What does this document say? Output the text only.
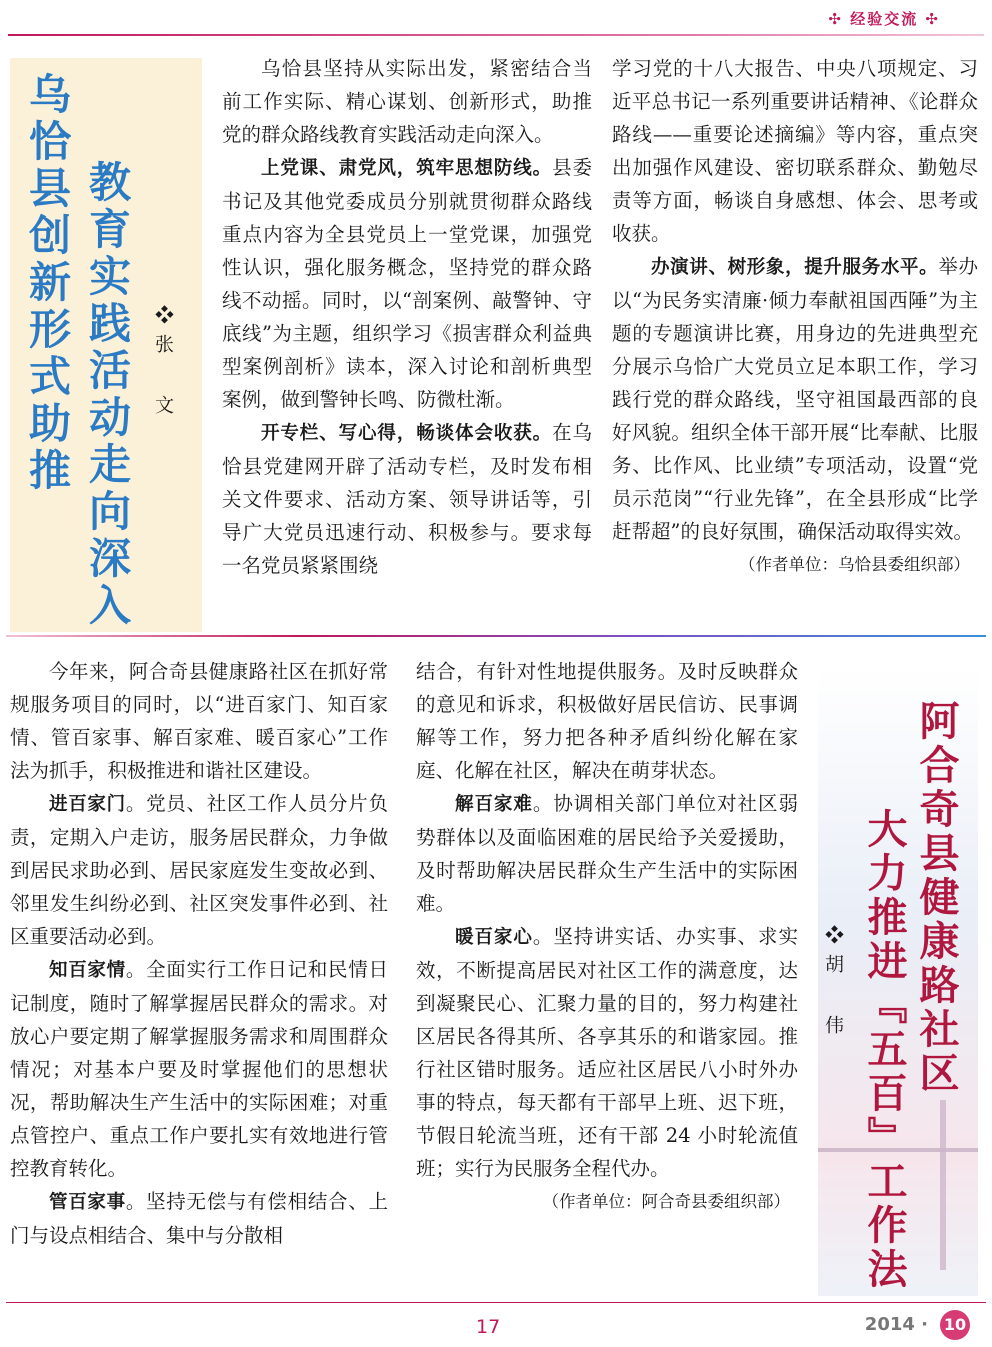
✣ 经验交流 ✣
乌恰县创新形式助推 教育实践活动走向深入 ❖张 文

乌恰县坚持从实际出发，紧密结合当前工作实际、精心谋划、创新形式，助推党的群众路线教育实践活动走向深入。

上党课、肃党风，筑牢思想防线。县委书记及其他党委成员分别就贯彻群众路线重点内容为全县党员上一堂党课，加强党性认识，强化服务概念，坚持党的群众路线不动摇。同时，以“剖案例、敲警钟、守底线”为主题，组织学习《损害群众利益典型案例剖析》读本，深入讨论和剖析典型案例，做到警钟长鸣、防微杜渐。

开专栏、写心得，畅谈体会收获。在乌恰县党建网开辟了活动专栏，及时发布相关文件要求、活动方案、领导讲话等，引导广大党员迅速行动、积极参与。要求每一名党员紧紧围绕

学习党的十八大报告、中央八项规定、习近平总书记一系列重要讲话精神、《论群众路线——重要论述摘编》等内容，重点突出加强作风建设、密切联系群众、勤勉尽责等方面，畅谈自身感想、体会、思考或收获。

办演讲、树形象，提升服务水平。举办以“为民务实清廉·倾力奉献祖国西陲”为主题的专题演讲比赛，用身边的先进典型充分展示乌恰广大党员立足本职工作，学习践行党的群众路线，坚守祖国最西部的良好风貌。组织全体干部开展“比奉献、比服务、比作风、比业绩”专项活动，设置“党员示范岗”“行业先锋”，在全县形成“比学赶帮超”的良好氛围，确保活动取得实效。

（作者单位：乌恰县委组织部）

今年来，阿合奇县健康路社区在抓好常规服务项目的同时，以“进百家门、知百家情、管百家事、解百家难、暖百家心”工作法为抓手，积极推进和谐社区建设。

进百家门。党员、社区工作人员分片负责，定期入户走访，服务居民群众，力争做到居民求助必到、居民家庭发生变故必到、邻里发生纠纷必到、社区突发事件必到、社区重要活动必到。

知百家情。全面实行工作日记和民情日记制度，随时了解掌握居民群众的需求。对放心户要定期了解掌握服务需求和周围群众情况；对基本户要及时掌握他们的思想状况，帮助解决生产生活中的实际困难；对重点管控户、重点工作户要扎实有效地进行管控教育转化。

管百家事。坚持无偿与有偿相结合、上门与设点相结合、集中与分散相

结合，有针对性地提供服务。及时反映群众的意见和诉求，积极做好居民信访、民事调解等工作，努力把各种矛盾纠纷化解在家庭、化解在社区，解决在萌芽状态。

解百家难。协调相关部门单位对社区弱势群体以及面临困难的居民给予关爱援助，及时帮助解决居民群众生产生活中的实际困难。

暖百家心。坚持讲实话、办实事、求实效，不断提高居民对社区工作的满意度，达到凝聚民心、汇聚力量的目的，努力构建社区居民各得其所、各享其乐的和谐家园。推行社区错时服务。适应社区居民八小时外办事的特点，每天都有干部早上班、迟下班，节假日轮流当班，还有干部 24 小时轮流值班；实行为民服务全程代办。

（作者单位：阿合奇县委组织部）

阿合奇县健康路社区
大力推进『五百』工作法
❖胡 伟
17	2014 · 10
